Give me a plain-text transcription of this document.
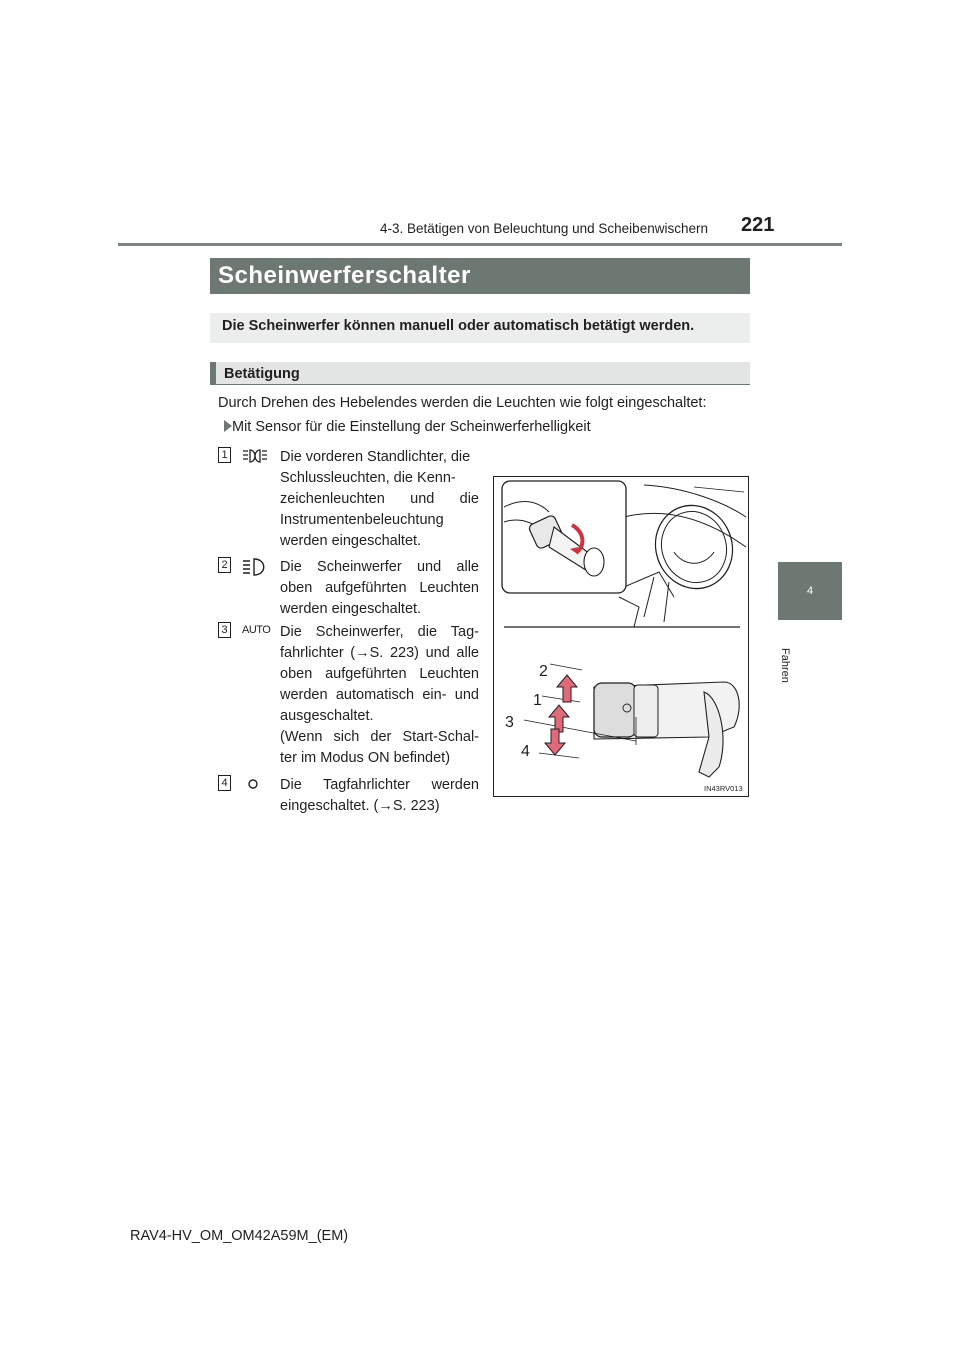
4-3. Betätigen von Beleuchtung und Scheibenwischern 221
4
Fahren
Scheinwerferschalter
Die Scheinwerfer können manuell oder automatisch betätigt werden.
Betätigung
Durch Drehen des Hebelendes werden die Leuchten wie folgt eingeschaltet:
Mit Sensor für die Einstellung der Scheinwerferhelligkeit
1	Die vorderen Standlichter, die
Schlussleuchten, die Kenn-
zeichenleuchten und die
Instrumentenbeleuchtung
werden eingeschaltet.
2	Die Scheinwerfer und alle
oben aufgeführten Leuchten
werden eingeschaltet.
3	AUTO Die Scheinwerfer, die Tag-
fahrlichter (→S. 223) und alle
oben aufgeführten Leuchten
werden automatisch ein- und
ausgeschaltet.
(Wenn sich der Start-Schal-
ter im Modus ON befindet)
4	Die Tagfahrlichter werden
eingeschaltet. (→S. 223)
2
1
3
4
IN43RV013
RAV4-HV_OM_OM42A59M_(EM)
